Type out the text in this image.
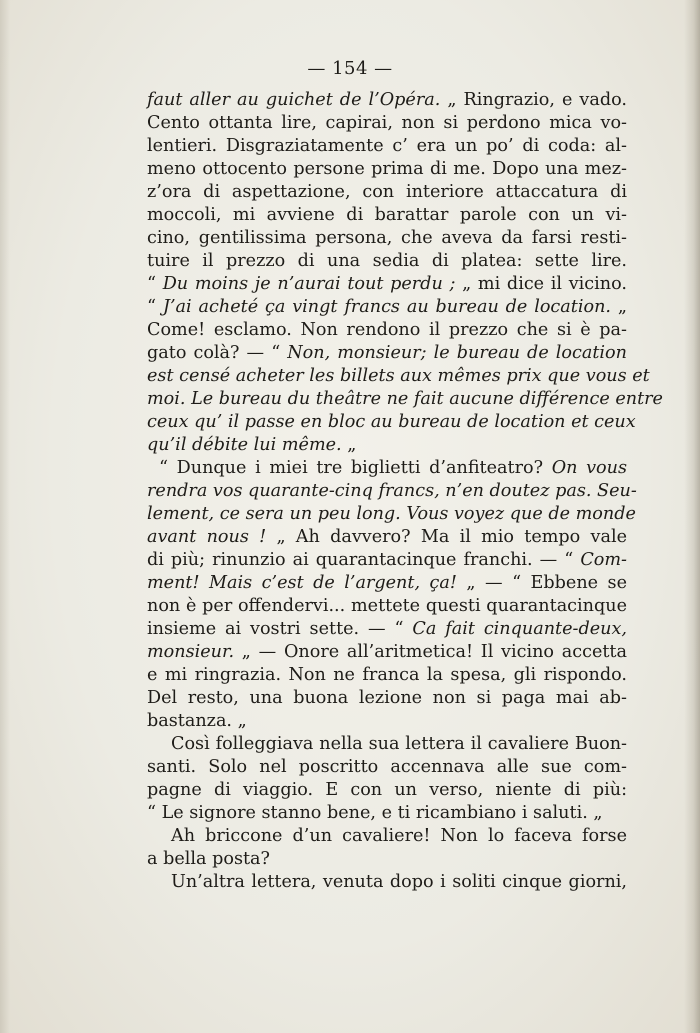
— 154 —
faut aller au guichet de l’Opéra. „ Ringrazio, e vado.
Cento ottanta lire, capirai, non si perdono mica vo-
lentieri. Disgraziatamente c’ era un po’ di coda: al-
meno ottocento persone prima di me. Dopo una mez-
z’ora di aspettazione, con interiore attaccatura di
moccoli, mi avviene di barattar parole con un vi-
cino, gentilissima persona, che aveva da farsi resti-
tuire il prezzo di una sedia di platea: sette lire.
“ Du moins je n’aurai tout perdu ; „ mi dice il vicino.
“ J’ai acheté ça vingt francs au bureau de location. „
Come! esclamo. Non rendono il prezzo che si è pa-
gato colà? — “ Non, monsieur; le bureau de location
est censé acheter les billets aux mêmes prix que vous et
moi. Le bureau du theâtre ne fait aucune différence entre
ceux qu’ il passe en bloc au bureau de location et ceux
qu’il débite lui même. „
“ Dunque i miei tre biglietti d’anfiteatro? On vous
rendra vos quarante-cinq francs, n’en doutez pas. Seu-
lement, ce sera un peu long. Vous voyez que de monde
avant nous ! „ Ah davvero? Ma il mio tempo vale
di più; rinunzio ai quarantacinque franchi. — “ Com-
ment! Mais c’est de l’argent, ça! „ — “ Ebbene se
non è per offendervi... mettete questi quarantacinque
insieme ai vostri sette. — “ Ca fait cinquante-deux,
monsieur. „ — Onore all’aritmetica! Il vicino accetta
e mi ringrazia. Non ne franca la spesa, gli rispondo.
Del resto, una buona lezione non si paga mai ab-
bastanza. „
Così folleggiava nella sua lettera il cavaliere Buon-
santi. Solo nel poscritto accennava alle sue com-
pagne di viaggio. E con un verso, niente di più:
“ Le signore stanno bene, e ti ricambiano i saluti. „
Ah briccone d’un cavaliere! Non lo faceva forse
a bella posta?
Un’altra lettera, venuta dopo i soliti cinque giorni,
